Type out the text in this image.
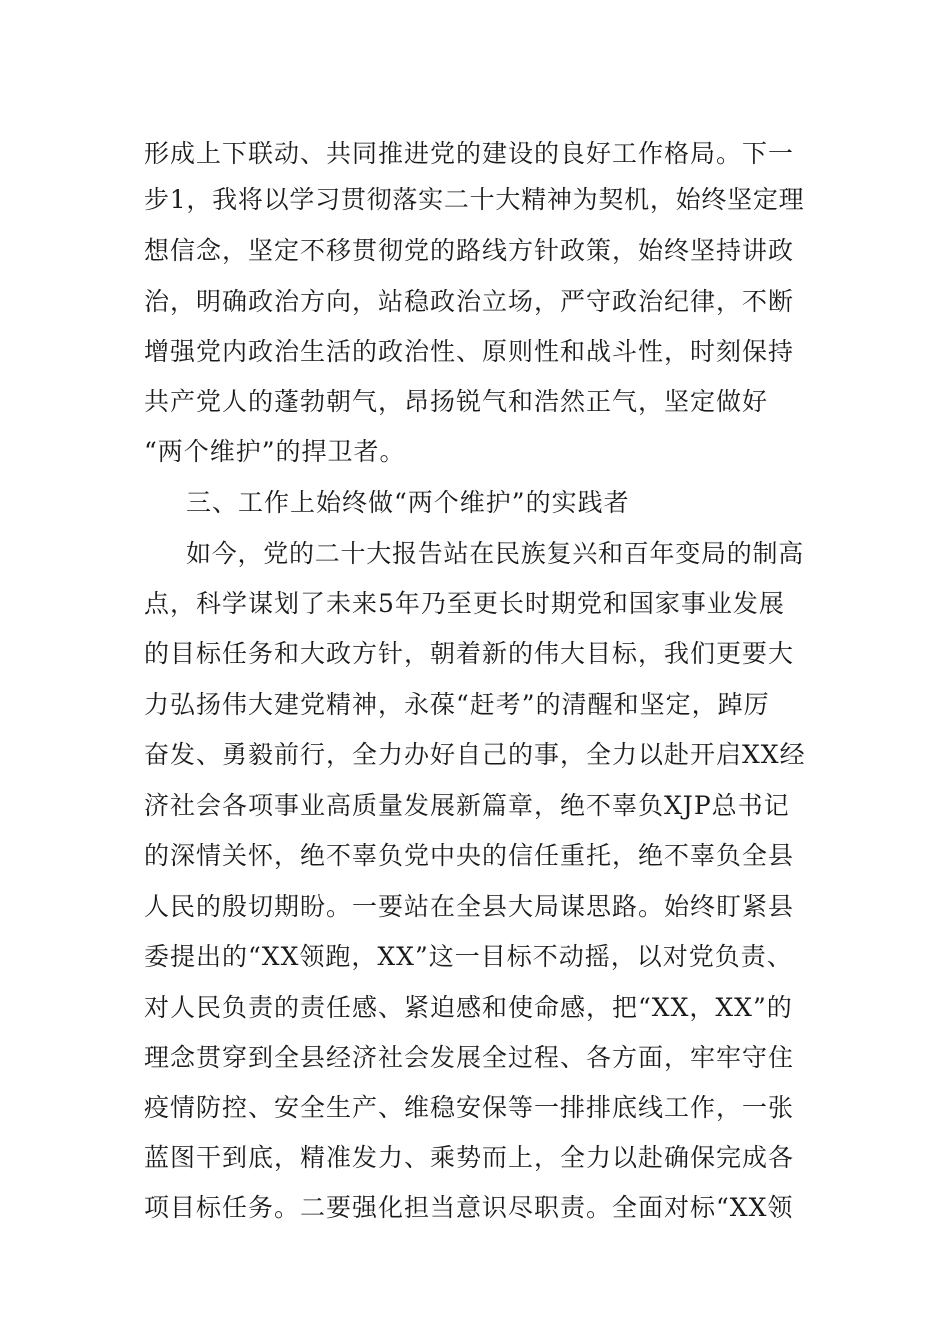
形成上下联动、共同推进党的建设的良好工作格局。下一
步1，我将以学习贯彻落实二十大精神为契机，始终坚定理
想信念，坚定不移贯彻党的路线方针政策，始终坚持讲政
治，明确政治方向，站稳政治立场，严守政治纪律，不断
增强党内政治生活的政治性、原则性和战斗性，时刻保持
共产党人的蓬勃朝气，昂扬锐气和浩然正气，坚定做好
“两个维护”的捍卫者。
三、工作上始终做“两个维护”的实践者
如今，党的二十大报告站在民族复兴和百年变局的制高
点，科学谋划了未来5年乃至更长时期党和国家事业发展
的目标任务和大政方针，朝着新的伟大目标，我们更要大
力弘扬伟大建党精神，永葆“赶考”的清醒和坚定，踔厉
奋发、勇毅前行，全力办好自己的事，全力以赴开启XX经
济社会各项事业高质量发展新篇章，绝不辜负XJP总书记
的深情关怀，绝不辜负党中央的信任重托，绝不辜负全县
人民的殷切期盼。一要站在全县大局谋思路。始终盯紧县
委提出的“XX领跑，XX”这一目标不动摇，以对党负责、
对人民负责的责任感、紧迫感和使命感，把“XX，XX”的
理念贯穿到全县经济社会发展全过程、各方面，牢牢守住
疫情防控、安全生产、维稳安保等一排排底线工作，一张
蓝图干到底，精准发力、乘势而上，全力以赴确保完成各
项目标任务。二要强化担当意识尽职责。全面对标“XX领
